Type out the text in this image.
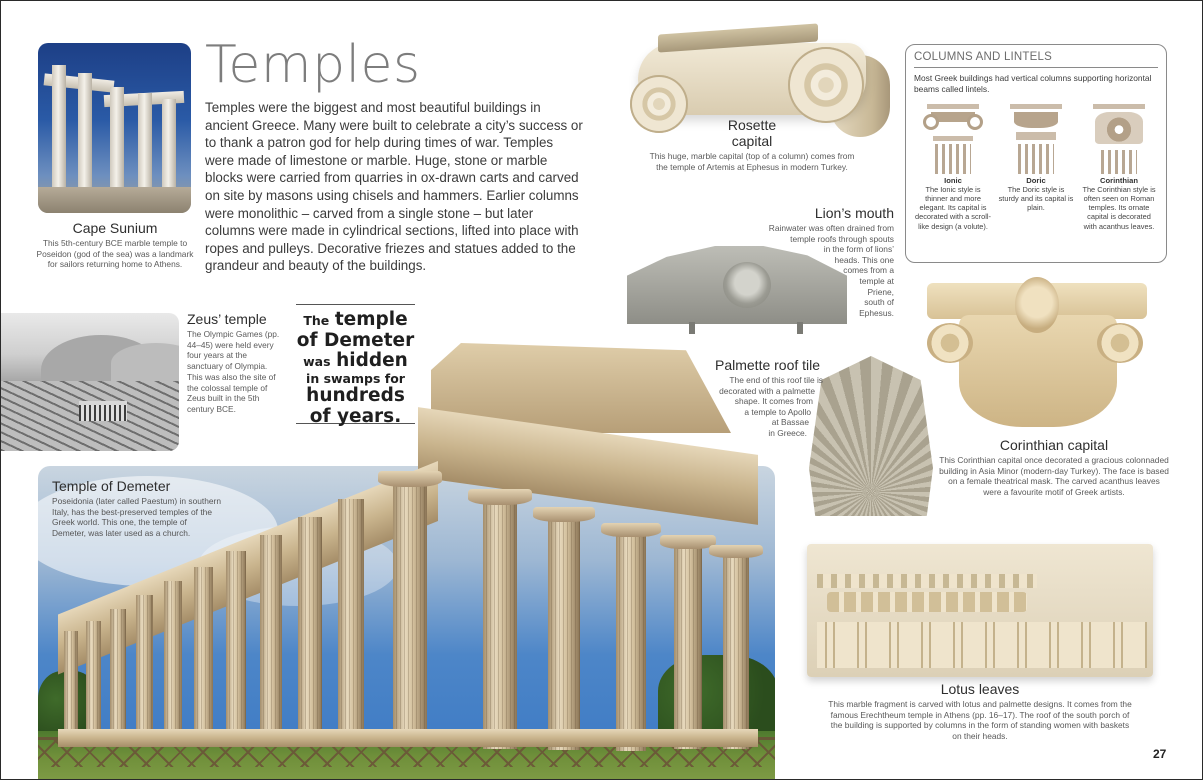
Temples

Temples were the biggest and most beautiful buildings in ancient Greece. Many were built to celebrate a city’s success or to thank a patron god for help during times of war. Temples were made of limestone or marble. Huge, stone or marble blocks were carried from quarries in ox-drawn carts and carved on site by masons using chisels and hammers. Earlier columns were monolithic – carved from a single stone – but later columns were made in cylindrical sections, lifted into place with ropes and pulleys. Decorative friezes and statues added to the grandeur and beauty of the buildings.

Cape Sunium
This 5th-century BCE marble temple to Poseidon (god of the sea) was a landmark for sailors returning home to Athens.
Zeus’ temple
The Olympic Games (pp. 44–45) were held every four years at the sanctuary of Olympia. This was also the site of the colossal temple of Zeus built in the 5th century BCE.
The temple
of Demeter
was hidden
in swamps for
hundreds
of years.
Temple of Demeter
Poseidonia (later called Paestum) in southern Italy, has the best-preserved temples of the Greek world. This one, the temple of Demeter, was later used as a church.
Rosette
capital
This huge, marble capital (top of a column) comes from the temple of Artemis at Ephesus in modern Turkey.
Lion’s mouth
Rainwater was often drained from
temple roofs through spouts
in the form of lions’
heads. This one
comes from a
temple at
Priene,
south of
Ephesus.
Palmette roof tile
The end of this roof tile is
decorated with a palmette
shape. It comes from
a temple to Apollo
at Bassae
in Greece.
COLUMNS AND LINTELS
Most Greek buildings had vertical columns supporting horizontal beams called lintels.
Ionic
The Ionic style is thinner and more elegant. Its capital is decorated with a scroll-like design (a volute).
Doric
The Doric style is sturdy and its capital is plain.
Corinthian
The Corinthian style is often seen on Roman temples. Its ornate capital is decorated with acanthus leaves.
Corinthian capital
This Corinthian capital once decorated a gracious colonnaded building in Asia Minor (modern-day Turkey). The face is based on a female theatrical mask. The carved acanthus leaves were a favourite motif of Greek artists.
Lotus leaves
This marble fragment is carved with lotus and palmette designs. It comes from the famous Erechtheum temple in Athens (pp. 16–17). The roof of the south porch of the building is supported by columns in the form of standing women with baskets on their heads.
27
